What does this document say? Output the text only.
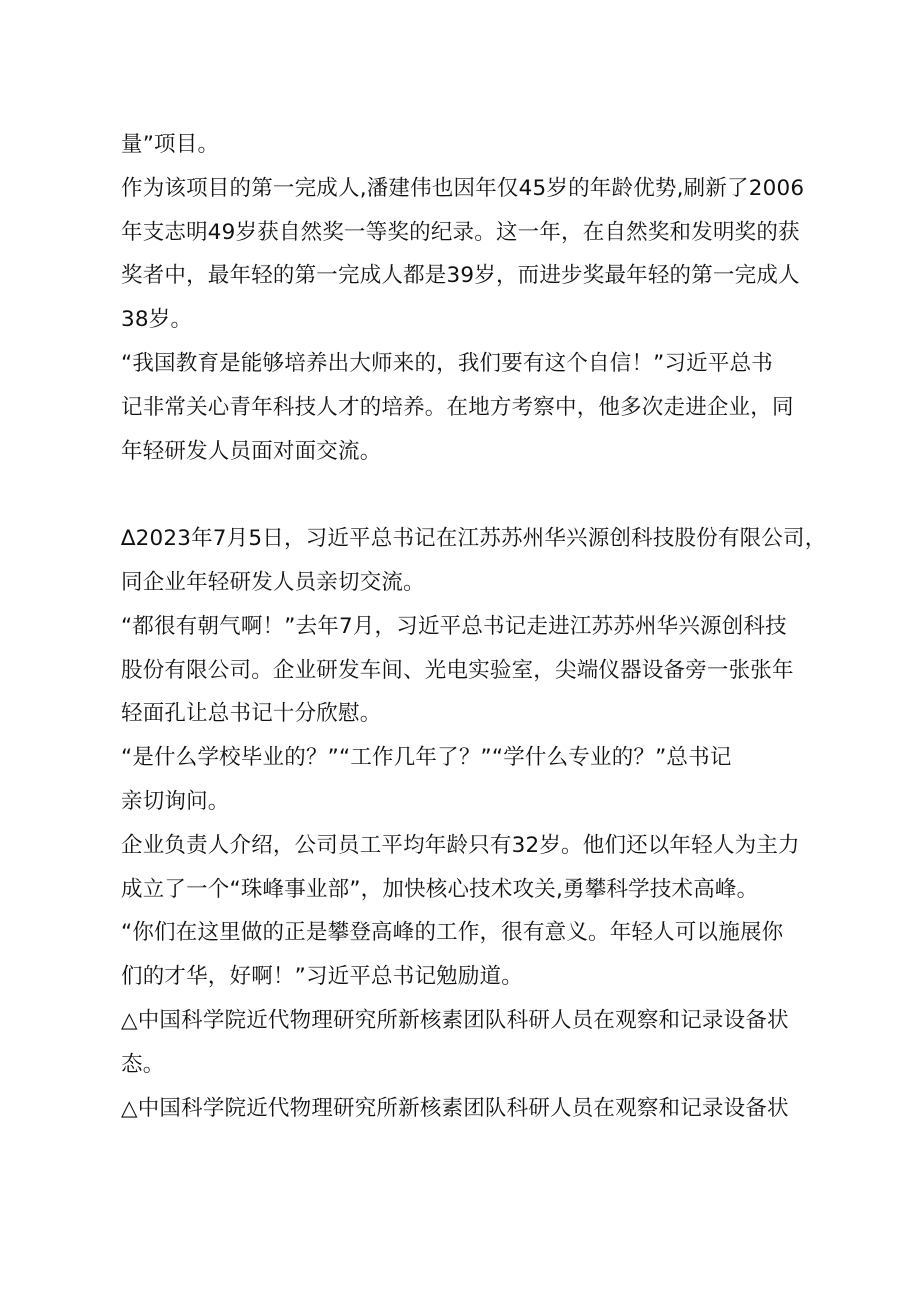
量”项目。
作为该项目的第一完成人,潘建伟也因年仅45岁的年龄优势,刷新了2006
年支志明49岁获自然奖一等奖的纪录。这一年，在自然奖和发明奖的获
奖者中，最年轻的第一完成人都是39岁，而进步奖最年轻的第一完成人
38岁。
“我国教育是能够培养出大师来的，我们要有这个自信！”习近平总书
记非常关心青年科技人才的培养。在地方考察中，他多次走进企业，同
年轻研发人员面对面交流。
∆2023年7月5日，习近平总书记在江苏苏州华兴源创科技股份有限公司，
同企业年轻研发人员亲切交流。
“都很有朝气啊！”去年7月，习近平总书记走进江苏苏州华兴源创科技
股份有限公司。企业研发车间、光电实验室，尖端仪器设备旁一张张年
轻面孔让总书记十分欣慰。
“是什么学校毕业的？”“工作几年了？”“学什么专业的？”总书记
亲切询问。
企业负责人介绍，公司员工平均年龄只有32岁。他们还以年轻人为主力
成立了一个“珠峰事业部”，加快核心技术攻关,勇攀科学技术高峰。
“你们在这里做的正是攀登高峰的工作，很有意义。年轻人可以施展你
们的才华，好啊！”习近平总书记勉励道。
△中国科学院近代物理研究所新核素团队科研人员在观察和记录设备状
态。
△中国科学院近代物理研究所新核素团队科研人员在观察和记录设备状
